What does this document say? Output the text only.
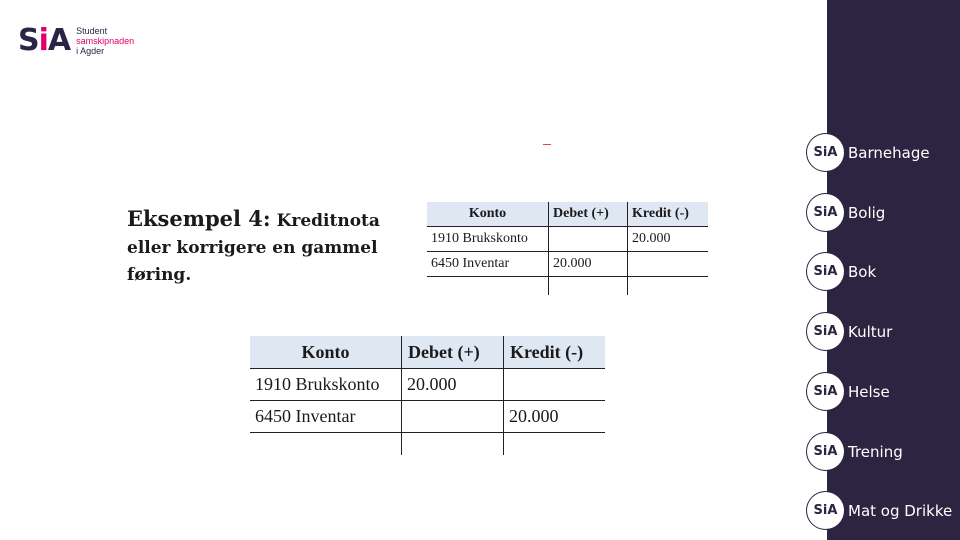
SiA Student
samskipnaden
i Agder
Eksempel 4: Kreditnota
eller korrigere en gammel
føring.
Konto	Debet (+)	Kredit (-)
1910 Brukskonto		20.000
6450 Inventar	20.000	

Konto	Debet (+)	Kredit (-)
1910 Brukskonto	20.000	
6450 Inventar		20.000

SiA Barnehage
SiA Bolig
SiA Bok
SiA Kultur
SiA Helse
SiA Trening
SiA Mat og Drikke
